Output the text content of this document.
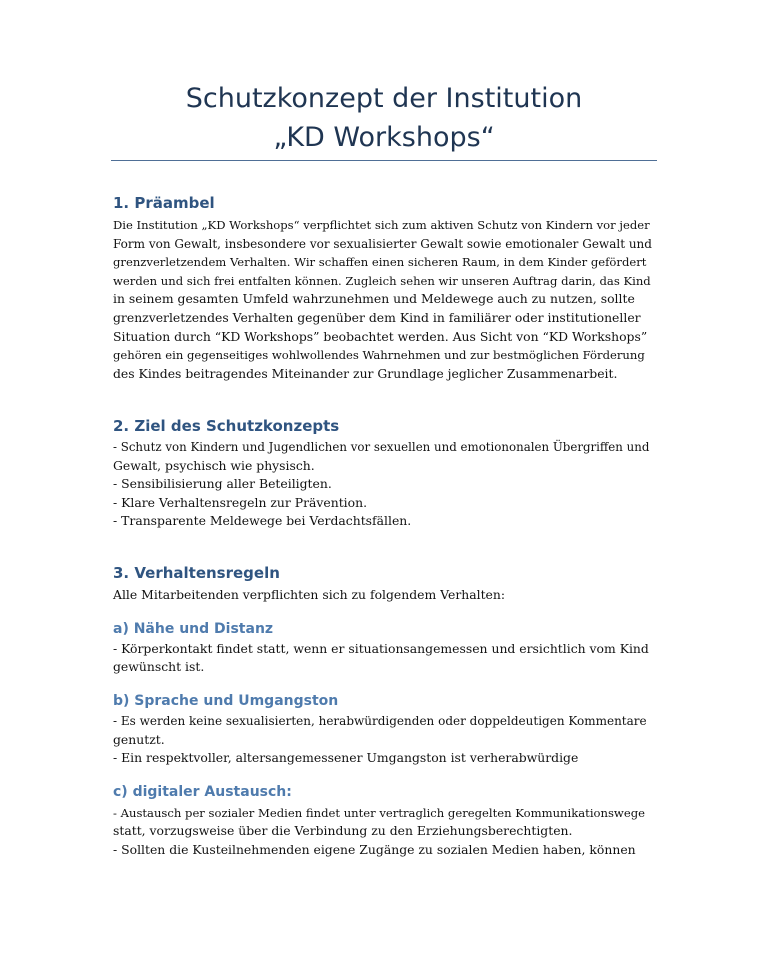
Schutzkonzept der Institution
„KD Workshops“
1. Präambel

Die Institution „KD Workshops“ verpflichtet sich zum aktiven Schutz von Kindern vor jeder

Form von Gewalt, insbesondere vor sexualisierter Gewalt sowie emotionaler Gewalt und

grenzverletzendem Verhalten. Wir schaffen einen sicheren Raum, in dem Kinder gefördert

werden und sich frei entfalten können. Zugleich sehen wir unseren Auftrag darin, das Kind

in seinem gesamten Umfeld wahrzunehmen und Meldewege auch zu nutzen, sollte

grenzverletzendes Verhalten gegenüber dem Kind in familiärer oder institutioneller

Situation durch “KD Workshops” beobachtet werden. Aus Sicht von “KD Workshops”

gehören ein gegenseitiges wohlwollendes Wahrnehmen und zur bestmöglichen Förderung

des Kindes beitragendes Miteinander zur Grundlage jeglicher Zusammenarbeit.

2. Ziel des Schutzkonzepts

- Schutz von Kindern und Jugendlichen vor sexuellen und emotiononalen Übergriffen und

Gewalt, psychisch wie physisch.

- Sensibilisierung aller Beteiligten.

- Klare Verhaltensregeln zur Prävention.

- Transparente Meldewege bei Verdachtsfällen.

3. Verhaltensregeln

Alle Mitarbeitenden verpflichten sich zu folgendem Verhalten:

a) Nähe und Distanz

- Körperkontakt findet statt, wenn er situationsangemessen und ersichtlich vom Kind

gewünscht ist.

b) Sprache und Umgangston

- Es werden keine sexualisierten, herabwürdigenden oder doppeldeutigen Kommentare

genutzt.

- Ein respektvoller, altersangemessener Umgangston ist verherabwürdige

c) digitaler Austausch:

- Austausch per sozialer Medien findet unter vertraglich geregelten Kommunikationswege

statt, vorzugsweise über die Verbindung zu den Erziehungsberechtigten.

- Sollten die Kusteilnehmenden eigene Zugänge zu sozialen Medien haben, können
